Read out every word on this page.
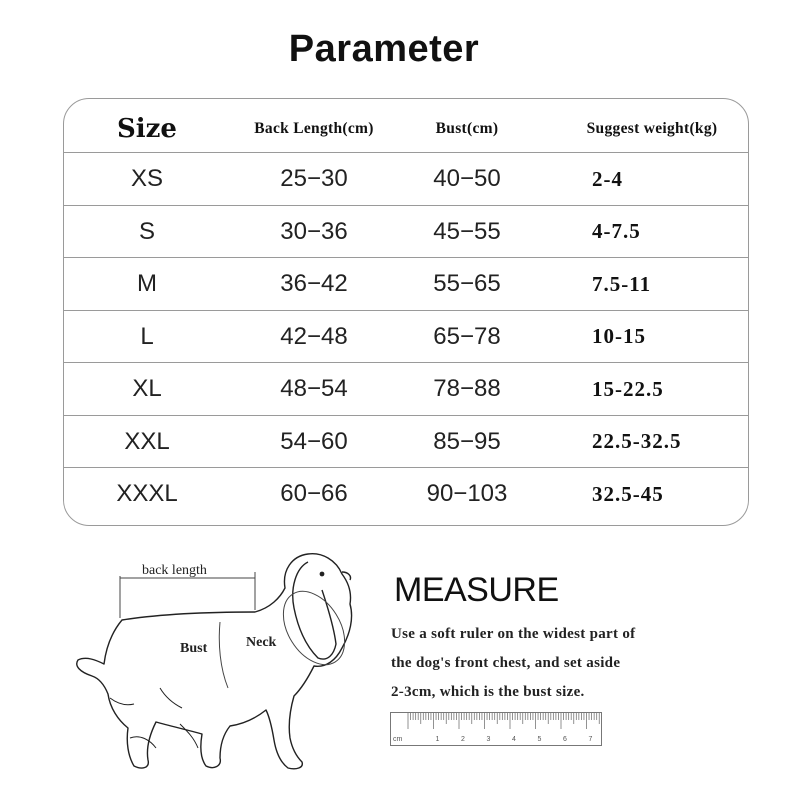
Parameter
Size	Back Length(cm)	Bust(cm)	Suggest weight(kg)
XS	25−30	40−50	2-4
S	30−36	45−55	4-7.5
M	36−42	55−65	7.5-11
L	42−48	65−78	10-15
XL	48−54	78−88	15-22.5
XXL	54−60	85−95	22.5-32.5
XXXL	60−66	90−103	32.5-45
back length
Bust	Neck
MEASURE
Use a soft ruler on the widest part of
the dog's front chest, and set aside
2-3cm, which is the bust size.
cm	1	2	3	4	5	6	7
